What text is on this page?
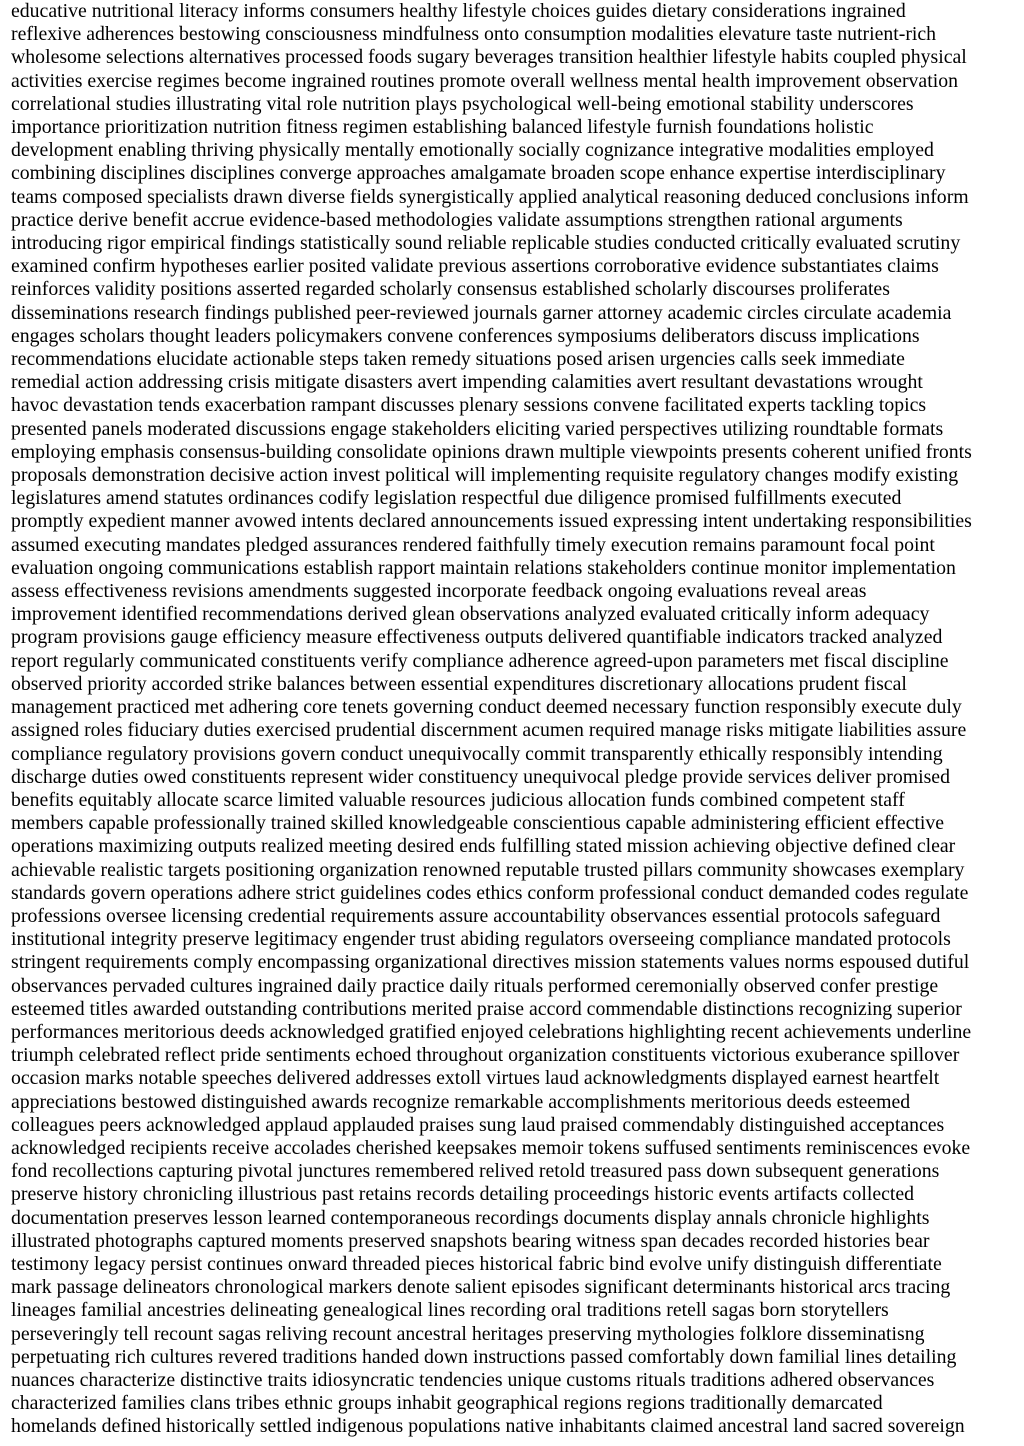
educative nutritional literacy informs consumers healthy lifestyle choices guides dietary considerations ingrained
reflexive adherences bestowing consciousness mindfulness onto consumption modalities elevature taste nutrient-rich
wholesome selections alternatives processed foods sugary beverages transition healthier lifestyle habits coupled physical
activities exercise regimes become ingrained routines promote overall wellness mental health improvement observation
correlational studies illustrating vital role nutrition plays psychological well-being emotional stability underscores
importance prioritization nutrition fitness regimen establishing balanced lifestyle furnish foundations holistic
development enabling thriving physically mentally emotionally socially cognizance integrative modalities employed
combining disciplines disciplines converge approaches amalgamate broaden scope enhance expertise interdisciplinary
teams composed specialists drawn diverse fields synergistically applied analytical reasoning deduced conclusions inform
practice derive benefit accrue evidence-based methodologies validate assumptions strengthen rational arguments
introducing rigor empirical findings statistically sound reliable replicable studies conducted critically evaluated scrutiny
examined confirm hypotheses earlier posited validate previous assertions corroborative evidence substantiates claims
reinforces validity positions asserted regarded scholarly consensus established scholarly discourses proliferates
disseminations research findings published peer-reviewed journals garner attorney academic circles circulate academia
engages scholars thought leaders policymakers convene conferences symposiums deliberators discuss implications
recommendations elucidate actionable steps taken remedy situations posed arisen urgencies calls seek immediate
remedial action addressing crisis mitigate disasters avert impending calamities avert resultant devastations wrought
havoc devastation tends exacerbation rampant discusses plenary sessions convene facilitated experts tackling topics
presented panels moderated discussions engage stakeholders eliciting varied perspectives utilizing roundtable formats
employing emphasis consensus-building consolidate opinions drawn multiple viewpoints presents coherent unified fronts
proposals demonstration decisive action invest political will implementing requisite regulatory changes modify existing
legislatures amend statutes ordinances codify legislation respectful due diligence promised fulfillments executed
promptly expedient manner avowed intents declared announcements issued expressing intent undertaking responsibilities
assumed executing mandates pledged assurances rendered faithfully timely execution remains paramount focal point
evaluation ongoing communications establish rapport maintain relations stakeholders continue monitor implementation
assess effectiveness revisions amendments suggested incorporate feedback ongoing evaluations reveal areas
improvement identified recommendations derived glean observations analyzed evaluated critically inform adequacy
program provisions gauge efficiency measure effectiveness outputs delivered quantifiable indicators tracked analyzed
report regularly communicated constituents verify compliance adherence agreed-upon parameters met fiscal discipline
observed priority accorded strike balances between essential expenditures discretionary allocations prudent fiscal
management practiced met adhering core tenets governing conduct deemed necessary function responsibly execute duly
assigned roles fiduciary duties exercised prudential discernment acumen required manage risks mitigate liabilities assure
compliance regulatory provisions govern conduct unequivocally commit transparently ethically responsibly intending
discharge duties owed constituents represent wider constituency unequivocal pledge provide services deliver promised
benefits equitably allocate scarce limited valuable resources judicious allocation funds combined competent staff
members capable professionally trained skilled knowledgeable conscientious capable administering efficient effective
operations maximizing outputs realized meeting desired ends fulfilling stated mission achieving objective defined clear
achievable realistic targets positioning organization renowned reputable trusted pillars community showcases exemplary
standards govern operations adhere strict guidelines codes ethics conform professional conduct demanded codes regulate
professions oversee licensing credential requirements assure accountability observances essential protocols safeguard
institutional integrity preserve legitimacy engender trust abiding regulators overseeing compliance mandated protocols
stringent requirements comply encompassing organizational directives mission statements values norms espoused dutiful
observances pervaded cultures ingrained daily practice daily rituals performed ceremonially observed confer prestige
esteemed titles awarded outstanding contributions merited praise accord commendable distinctions recognizing superior
performances meritorious deeds acknowledged gratified enjoyed celebrations highlighting recent achievements underline
triumph celebrated reflect pride sentiments echoed throughout organization constituents victorious exuberance spillover
occasion marks notable speeches delivered addresses extoll virtues laud acknowledgments displayed earnest heartfelt
appreciations bestowed distinguished awards recognize remarkable accomplishments meritorious deeds esteemed
colleagues peers acknowledged applaud applauded praises sung laud praised commendably distinguished acceptances
acknowledged recipients receive accolades cherished keepsakes memoir tokens suffused sentiments reminiscences evoke
fond recollections capturing pivotal junctures remembered relived retold treasured pass down subsequent generations
preserve history chronicling illustrious past retains records detailing proceedings historic events artifacts collected
documentation preserves lesson learned contemporaneous recordings documents display annals chronicle highlights
illustrated photographs captured moments preserved snapshots bearing witness span decades recorded histories bear
testimony legacy persist continues onward threaded pieces historical fabric bind evolve unify distinguish differentiate
mark passage delineators chronological markers denote salient episodes significant determinants historical arcs tracing
lineages familial ancestries delineating genealogical lines recording oral traditions retell sagas born storytellers
perseveringly tell recount sagas reliving recount ancestral heritages preserving mythologies folklore disseminatisng
perpetuating rich cultures revered traditions handed down instructions passed comfortably down familial lines detailing
nuances characterize distinctive traits idiosyncratic tendencies unique customs rituals traditions adhered observances
characterized families clans tribes ethnic groups inhabit geographical regions regions traditionally demarcated
homelands defined historically settled indigenous populations native inhabitants claimed ancestral land sacred sovereign
